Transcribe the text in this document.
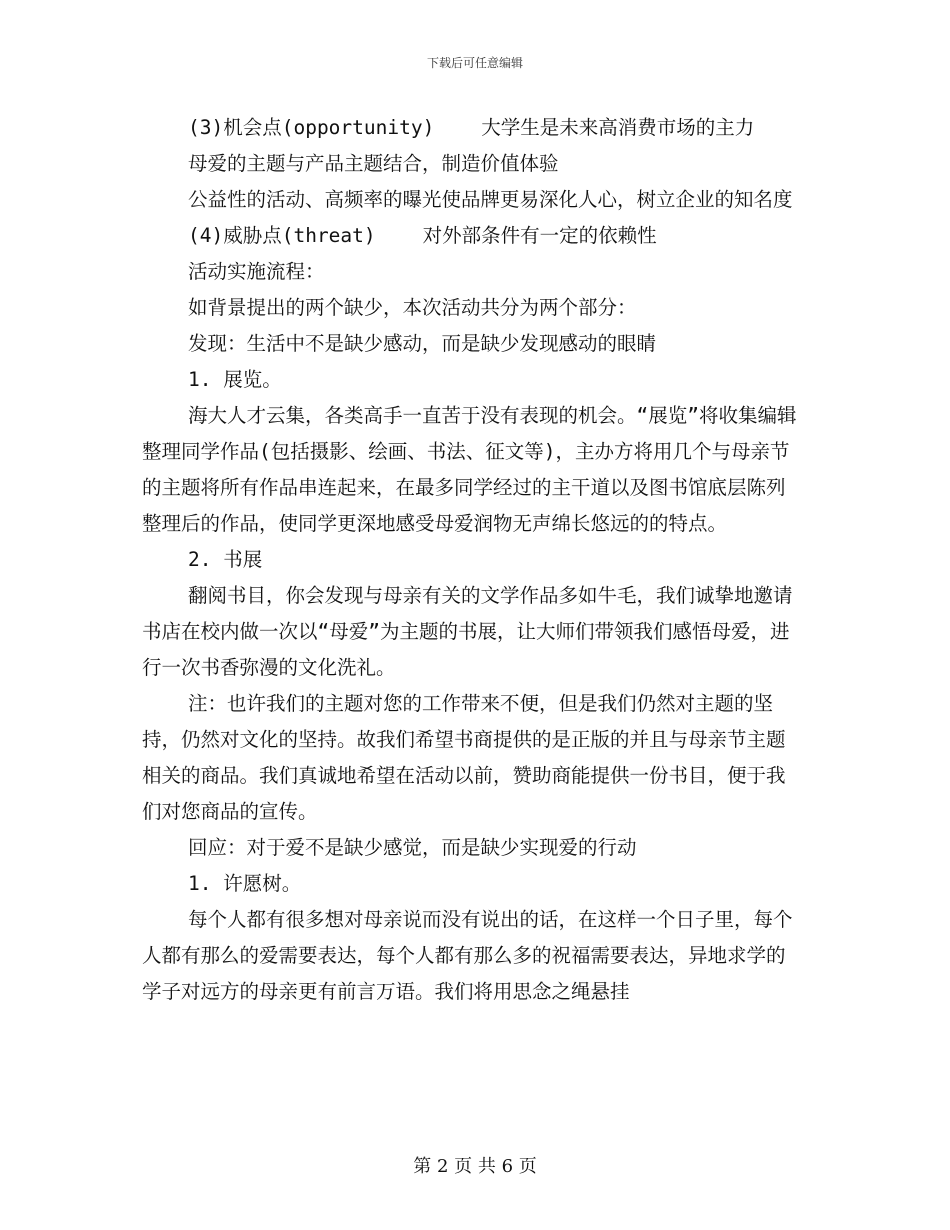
下载后可任意编辑

(3)机会点(opportunity)    大学生是未来高消费市场的主力

母爱的主题与产品主题结合，制造价值体验

公益性的活动、高频率的曝光使品牌更易深化人心，树立企业的知名度

(4)威胁点(threat)    对外部条件有一定的依赖性

活动实施流程：

如背景提出的两个缺少，本次活动共分为两个部分：

发现：生活中不是缺少感动，而是缺少发现感动的眼睛

1. 展览。

海大人才云集，各类高手一直苦于没有表现的机会。“展览”将收集编辑整理同学作品(包括摄影、绘画、书法、征文等)，主办方将用几个与母亲节的主题将所有作品串连起来，在最多同学经过的主干道以及图书馆底层陈列整理后的作品，使同学更深地感受母爱润物无声绵长悠远的的特点。

2. 书展

翻阅书目，你会发现与母亲有关的文学作品多如牛毛，我们诚挚地邀请书店在校内做一次以“母爱”为主题的书展，让大师们带领我们感悟母爱，进行一次书香弥漫的文化洗礼。

注：也许我们的主题对您的工作带来不便，但是我们仍然对主题的坚持，仍然对文化的坚持。故我们希望书商提供的是正版的并且与母亲节主题相关的商品。我们真诚地希望在活动以前，赞助商能提供一份书目，便于我们对您商品的宣传。

回应：对于爱不是缺少感觉，而是缺少实现爱的行动

1. 许愿树。

每个人都有很多想对母亲说而没有说出的话，在这样一个日子里，每个人都有那么的爱需要表达，每个人都有那么多的祝福需要表达，异地求学的学子对远方的母亲更有前言万语。我们将用思念之绳悬挂

第 2 页 共 6 页
